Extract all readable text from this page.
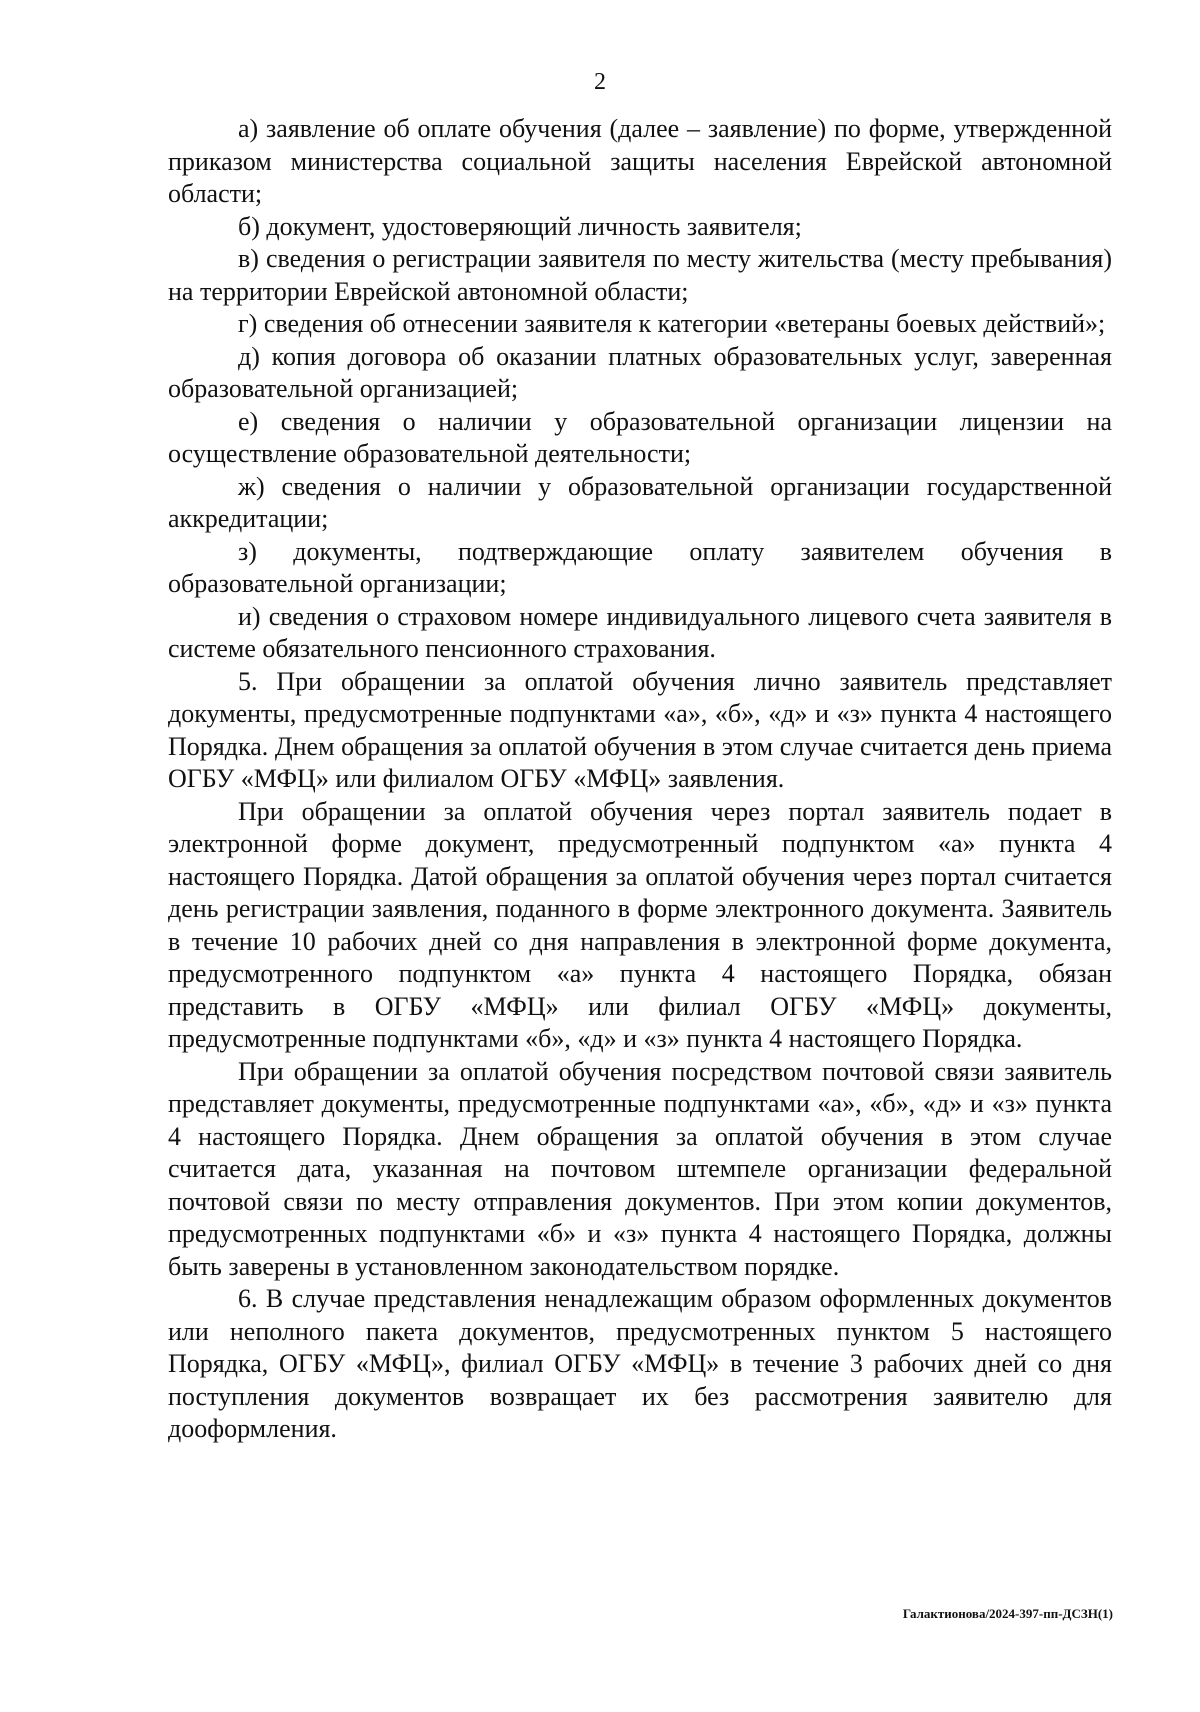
2

а) заявление об оплате обучения (далее – заявление) по форме, утвержденной приказом министерства социальной защиты населения Еврейской автономной области;

б) документ, удостоверяющий личность заявителя;

в) сведения о регистрации заявителя по месту жительства (месту пребывания) на территории Еврейской автономной области;

г) сведения об отнесении заявителя к категории «ветераны боевых действий»;

д) копия договора об оказании платных образовательных услуг, заверенная образовательной организацией;

е) сведения о наличии у образовательной организации лицензии на осуществление образовательной деятельности;

ж) сведения о наличии у образовательной организации государственной аккредитации;

з) документы, подтверждающие оплату заявителем обучения в образовательной организации;

и) сведения о страховом номере индивидуального лицевого счета заявителя в системе обязательного пенсионного страхования.

5. При обращении за оплатой обучения лично заявитель представляет документы, предусмотренные подпунктами «а», «б», «д» и «з» пункта 4 настоящего Порядка. Днем обращения за оплатой обучения в этом случае считается день приема ОГБУ «МФЦ» или филиалом ОГБУ «МФЦ» заявления.

При обращении за оплатой обучения через портал заявитель подает в электронной форме документ, предусмотренный подпунктом «а» пункта 4 настоящего Порядка. Датой обращения за оплатой обучения через портал считается день регистрации заявления, поданного в форме электронного документа. Заявитель в течение 10 рабочих дней со дня направления в электронной форме документа, предусмотренного подпунктом «а» пункта 4 настоящего Порядка, обязан представить в ОГБУ «МФЦ» или филиал ОГБУ «МФЦ» документы, предусмотренные подпунктами «б», «д» и «з» пункта 4 настоящего Порядка.

При обращении за оплатой обучения посредством почтовой связи заявитель представляет документы, предусмотренные подпунктами «а», «б», «д» и «з» пункта 4 настоящего Порядка. Днем обращения за оплатой обучения в этом случае считается дата, указанная на почтовом штемпеле организации федеральной почтовой связи по месту отправления документов. При этом копии документов, предусмотренных подпунктами «б» и «з» пункта 4 настоящего Порядка, должны быть заверены в установленном законодательством порядке.

6. В случае представления ненадлежащим образом оформленных документов или неполного пакета документов, предусмотренных пунктом 5 настоящего Порядка, ОГБУ «МФЦ», филиал ОГБУ «МФЦ» в течение 3 рабочих дней со дня поступления документов возвращает их без рассмотрения заявителю для дооформления.

Галактионова/2024-397-пп-ДСЗН(1)
